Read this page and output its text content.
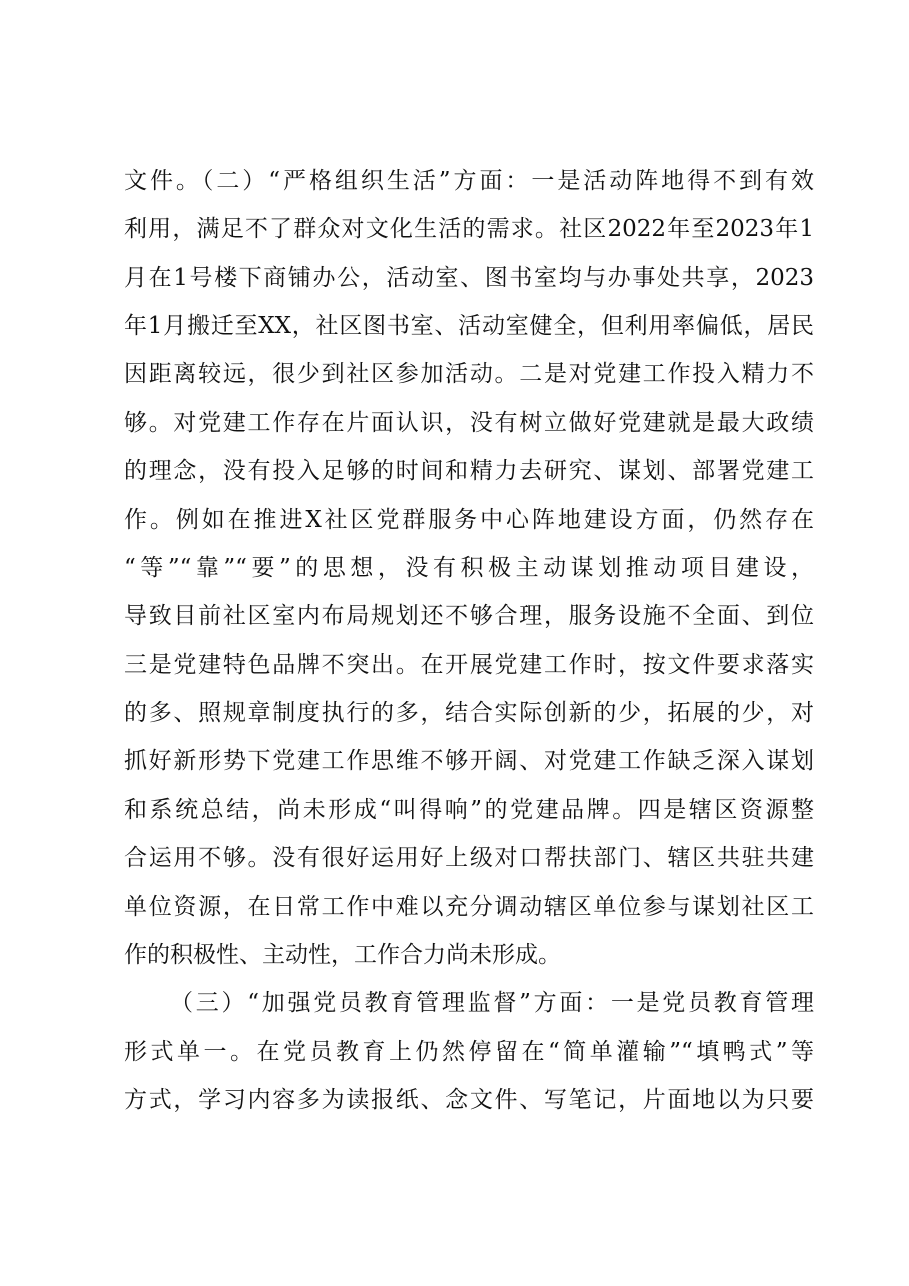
文件。（二）“严格组织生活”方面：一是活动阵地得不到有效
利用，满足不了群众对文化生活的需求。社区2022年至2023年1
月在1号楼下商铺办公，活动室、图书室均与办事处共享，2023
年1月搬迁至XX，社区图书室、活动室健全，但利用率偏低，居民
因距离较远，很少到社区参加活动。二是对党建工作投入精力不
够。对党建工作存在片面认识，没有树立做好党建就是最大政绩
的理念，没有投入足够的时间和精力去研究、谋划、部署党建工
作。例如在推进X社区党群服务中心阵地建设方面，仍然存在
“等”“靠”“要”的思想，没有积极主动谋划推动项目建设，
导致目前社区室内布局规划还不够合理，服务设施不全面、到位
三是党建特色品牌不突出。在开展党建工作时，按文件要求落实
的多、照规章制度执行的多，结合实际创新的少，拓展的少，对
抓好新形势下党建工作思维不够开阔、对党建工作缺乏深入谋划
和系统总结，尚未形成“叫得响”的党建品牌。四是辖区资源整
合运用不够。没有很好运用好上级对口帮扶部门、辖区共驻共建
单位资源，在日常工作中难以充分调动辖区单位参与谋划社区工
作的积极性、主动性，工作合力尚未形成。
（三）“加强党员教育管理监督”方面：一是党员教育管理
形式单一。在党员教育上仍然停留在“简单灌输”“填鸭式”等
方式，学习内容多为读报纸、念文件、写笔记，片面地以为只要
